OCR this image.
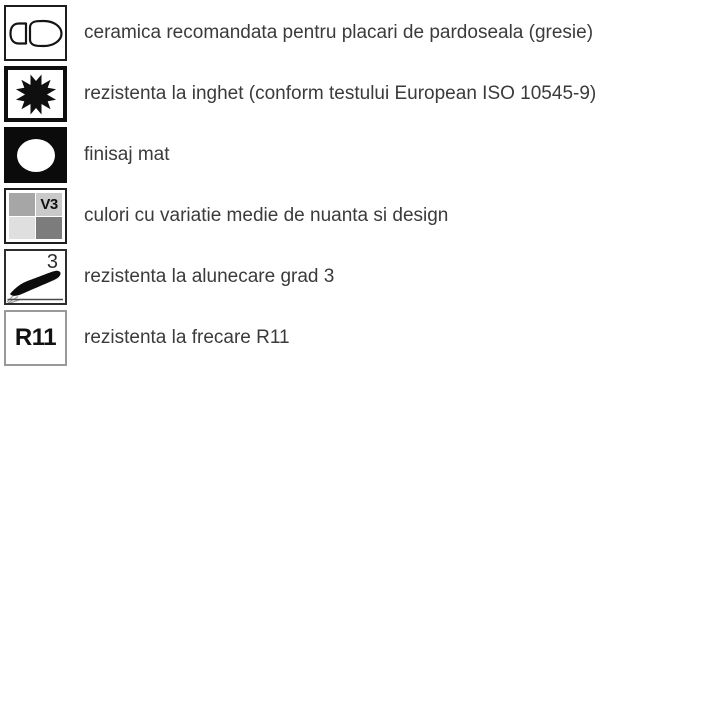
ceramica recomandata pentru placari de pardoseala (gresie)
rezistenta la inghet (conform testului European ISO 10545-9)
finisaj mat
V3
culori cu variatie medie de nuanta si design
3
rezistenta la alunecare grad 3
R11 rezistenta la frecare R11
